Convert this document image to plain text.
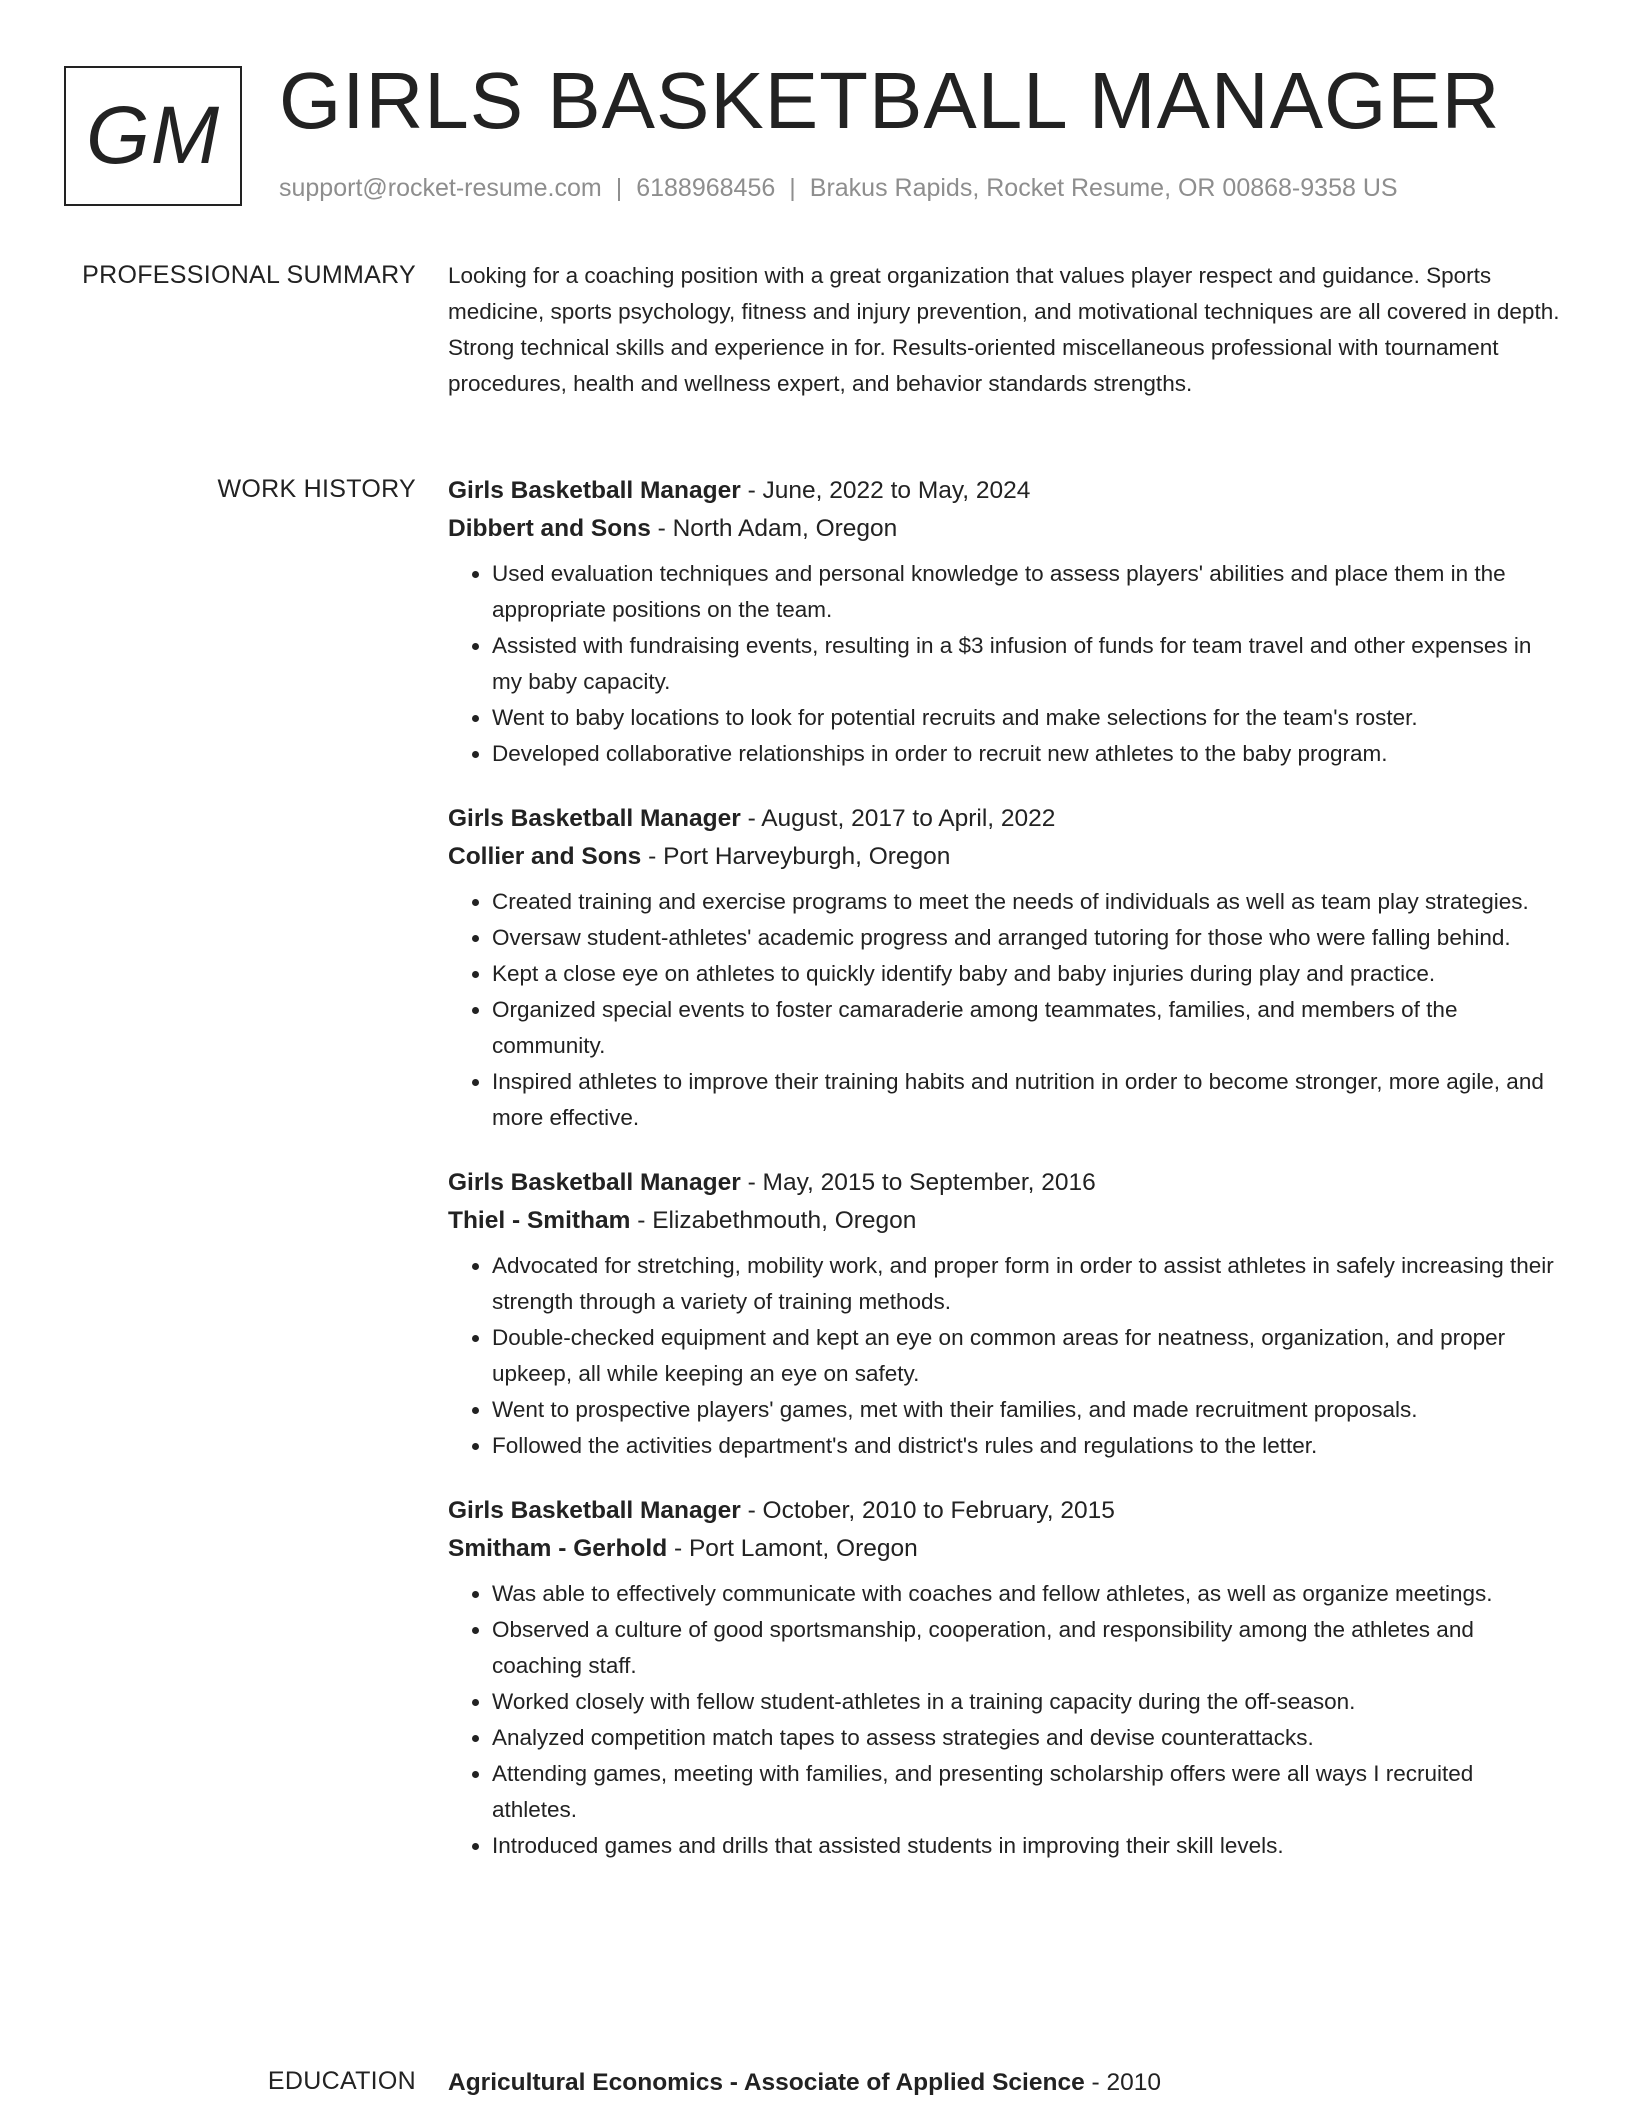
GM GIRLS BASKETBALL MANAGER
support@rocket-resume.com | 6188968456 | Brakus Rapids, Rocket Resume, OR 00868-9358 US
PROFESSIONAL SUMMARY Looking for a coaching position with a great organization that values player respect and guidance. Sports medicine, sports psychology, fitness and injury prevention, and motivational techniques are all covered in depth. Strong technical skills and experience in for. Results-oriented miscellaneous professional with tournament procedures, health and wellness expert, and behavior standards strengths.

WORK HISTORY Girls Basketball Manager - June, 2022 to May, 2024
Dibbert and Sons - North Adam, Oregon
• Used evaluation techniques and personal knowledge to assess players' abilities and place them in the appropriate positions on the team.
• Assisted with fundraising events, resulting in a $3 infusion of funds for team travel and other expenses in my baby capacity.
• Went to baby locations to look for potential recruits and make selections for the team's roster.
• Developed collaborative relationships in order to recruit new athletes to the baby program.
Girls Basketball Manager - August, 2017 to April, 2022
Collier and Sons - Port Harveyburgh, Oregon
• Created training and exercise programs to meet the needs of individuals as well as team play strategies.
• Oversaw student-athletes' academic progress and arranged tutoring for those who were falling behind.
• Kept a close eye on athletes to quickly identify baby and baby injuries during play and practice.
• Organized special events to foster camaraderie among teammates, families, and members of the community.
• Inspired athletes to improve their training habits and nutrition in order to become stronger, more agile, and more effective.
Girls Basketball Manager - May, 2015 to September, 2016
Thiel - Smitham - Elizabethmouth, Oregon
• Advocated for stretching, mobility work, and proper form in order to assist athletes in safely increasing their strength through a variety of training methods.
• Double-checked equipment and kept an eye on common areas for neatness, organization, and proper upkeep, all while keeping an eye on safety.
• Went to prospective players' games, met with their families, and made recruitment proposals.
• Followed the activities department's and district's rules and regulations to the letter.
Girls Basketball Manager - October, 2010 to February, 2015
Smitham - Gerhold - Port Lamont, Oregon
• Was able to effectively communicate with coaches and fellow athletes, as well as organize meetings.
• Observed a culture of good sportsmanship, cooperation, and responsibility among the athletes and coaching staff.
• Worked closely with fellow student-athletes in a training capacity during the off-season.
• Analyzed competition match tapes to assess strategies and devise counterattacks.
• Attending games, meeting with families, and presenting scholarship offers were all ways I recruited athletes.
• Introduced games and drills that assisted students in improving their skill levels.
EDUCATION Agricultural Economics - Associate of Applied Science - 2010
